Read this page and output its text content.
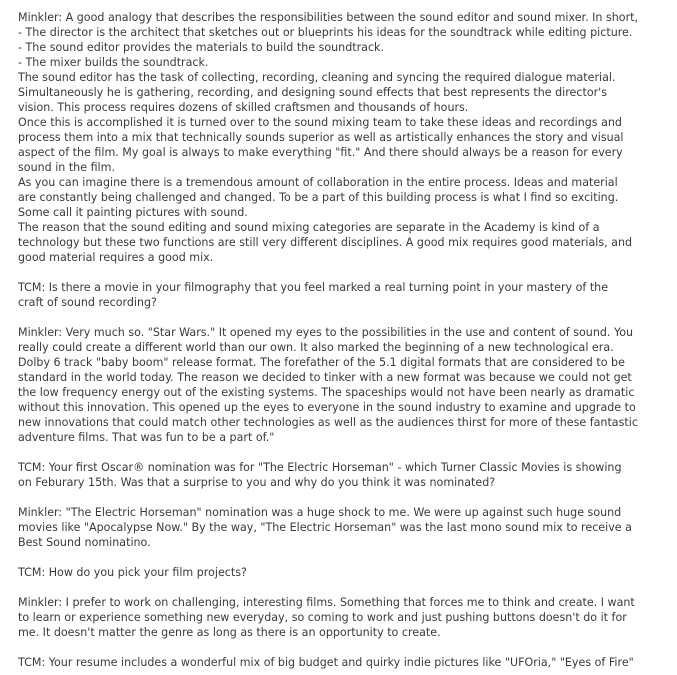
Minkler: A good analogy that describes the responsibilities between the sound editor and sound mixer. In short,
- The director is the architect that sketches out or blueprints his ideas for the soundtrack while editing picture.
- The sound editor provides the materials to build the soundtrack.
- The mixer builds the soundtrack.
The sound editor has the task of collecting, recording, cleaning and syncing the required dialogue material.
Simultaneously he is gathering, recording, and designing sound effects that best represents the director's
vision. This process requires dozens of skilled craftsmen and thousands of hours.
Once this is accomplished it is turned over to the sound mixing team to take these ideas and recordings and
process them into a mix that technically sounds superior as well as artistically enhances the story and visual
aspect of the film. My goal is always to make everything "fit." And there should always be a reason for every
sound in the film.
As you can imagine there is a tremendous amount of collaboration in the entire process. Ideas and material
are constantly being challenged and changed. To be a part of this building process is what I find so exciting.
Some call it painting pictures with sound.
The reason that the sound editing and sound mixing categories are separate in the Academy is kind of a
technology but these two functions are still very different disciplines. A good mix requires good materials, and
good material requires a good mix.
TCM: Is there a movie in your filmography that you feel marked a real turning point in your mastery of the
craft of sound recording?
Minkler: Very much so. "Star Wars." It opened my eyes to the possibilities in the use and content of sound. You
really could create a different world than our own. It also marked the beginning of a new technological era.
Dolby 6 track "baby boom" release format. The forefather of the 5.1 digital formats that are considered to be
standard in the world today. The reason we decided to tinker with a new format was because we could not get
the low frequency energy out of the existing systems. The spaceships would not have been nearly as dramatic
without this innovation. This opened up the eyes to everyone in the sound industry to examine and upgrade to
new innovations that could match other technologies as well as the audiences thirst for more of these fantastic
adventure films. That was fun to be a part of."
TCM: Your first Oscar® nomination was for "The Electric Horseman" - which Turner Classic Movies is showing
on Feburary 15th. Was that a surprise to you and why do you think it was nominated?
Minkler: "The Electric Horseman" nomination was a huge shock to me. We were up against such huge sound
movies like "Apocalypse Now." By the way, "The Electric Horseman" was the last mono sound mix to receive a
Best Sound nominatino.
TCM: How do you pick your film projects?
Minkler: I prefer to work on challenging, interesting films. Something that forces me to think and create. I want
to learn or experience something new everyday, so coming to work and just pushing buttons doesn't do it for
me. It doesn't matter the genre as long as there is an opportunity to create.
TCM: Your resume includes a wonderful mix of big budget and quirky indie pictures like "UFOria," "Eyes of Fire"
